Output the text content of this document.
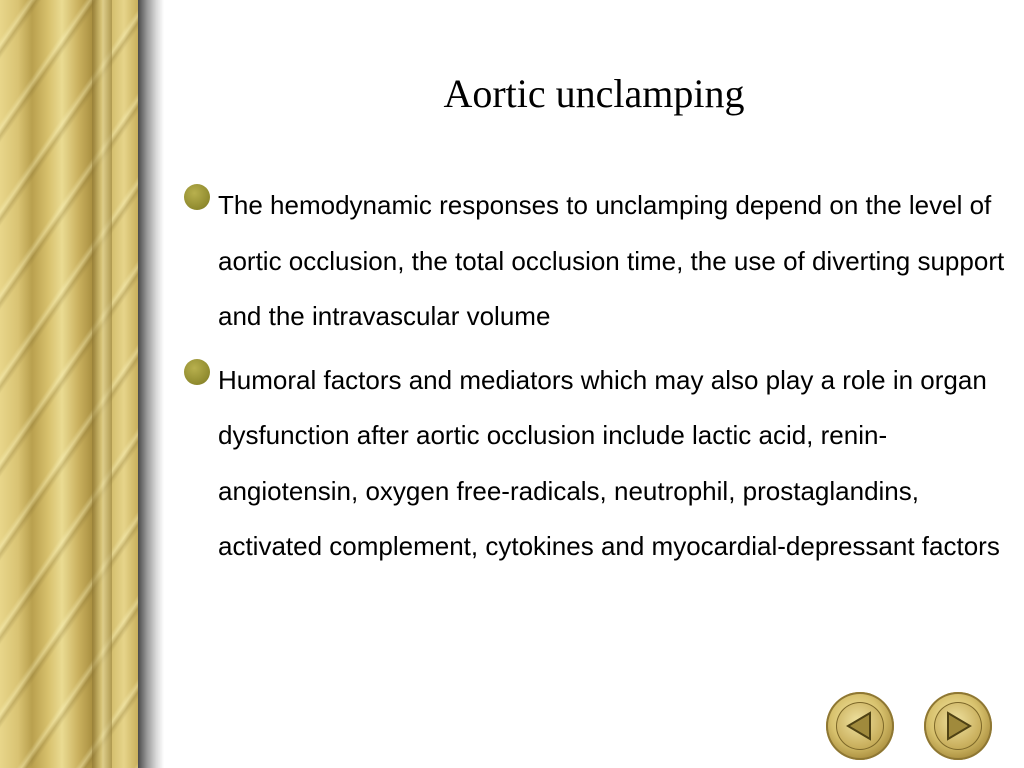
Aortic unclamping
The hemodynamic responses to unclamping depend on the level of aortic occlusion, the total occlusion time, the use of diverting support and the intravascular volume
Humoral factors and mediators which may also play a role in organ dysfunction after aortic occlusion include lactic acid, renin-angiotensin, oxygen free-radicals, neutrophil, prostaglandins, activated complement, cytokines and myocardial-depressant factors
